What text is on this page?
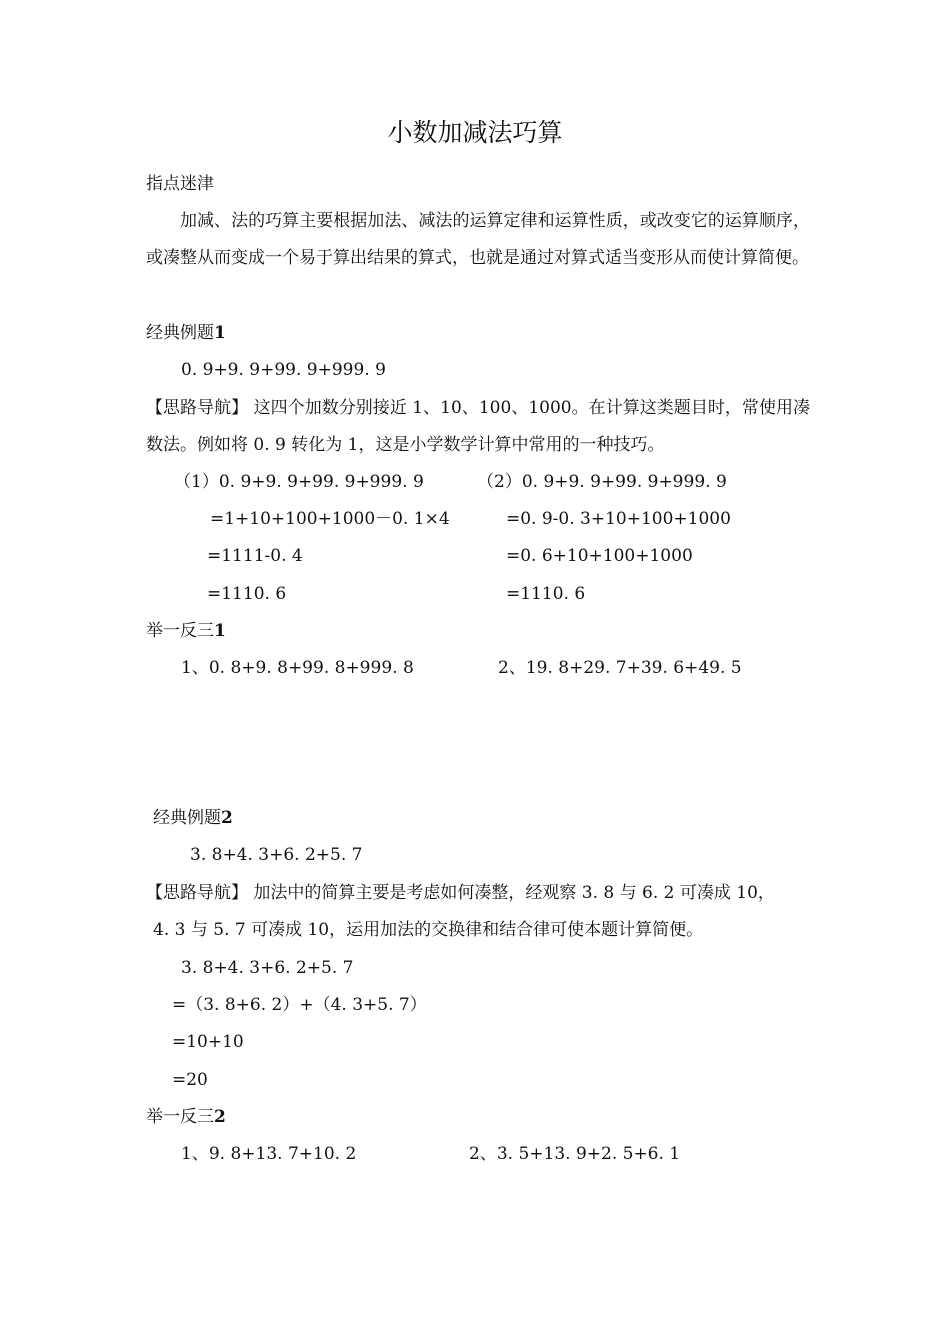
小数加减法巧算
指点迷津
加减、法的巧算主要根据加法、减法的运算定律和运算性质，或改变它的运算顺序，或凑整从而变成一个易于算出结果的算式，也就是通过对算式适当变形从而使计算简便。
经典例题1
0. 9+9. 9+99. 9+999. 9
【思路导航】 这四个加数分别接近 1、10、100、1000。在计算这类题目时，常使用凑数法。例如将 0. 9 转化为 1，这是小学数学计算中常用的一种技巧。
（1）0. 9+9. 9+99. 9+999. 9
=1+10+100+1000－0. 1×4
=1111-0. 4
=1110. 6
（2）0. 9+9. 9+99. 9+999. 9
=0. 9-0. 3+10+100+1000
=0. 6+10+100+1000
=1110. 6
举一反三1
1、0. 8+9. 8+99. 8+999. 8	2、19. 8+29. 7+39. 6+49. 5
经典例题2
3. 8+4. 3+6. 2+5. 7
【思路导航】 加法中的简算主要是考虑如何凑整，经观察 3. 8 与 6. 2 可凑成 10，
4. 3 与 5. 7 可凑成 10，运用加法的交换律和结合律可使本题计算简便。
3. 8+4. 3+6. 2+5. 7
=（3. 8+6. 2）+（4. 3+5. 7）
=10+10
=20
举一反三2
1、9. 8+13. 7+10. 2	2、3. 5+13. 9+2. 5+6. 1
